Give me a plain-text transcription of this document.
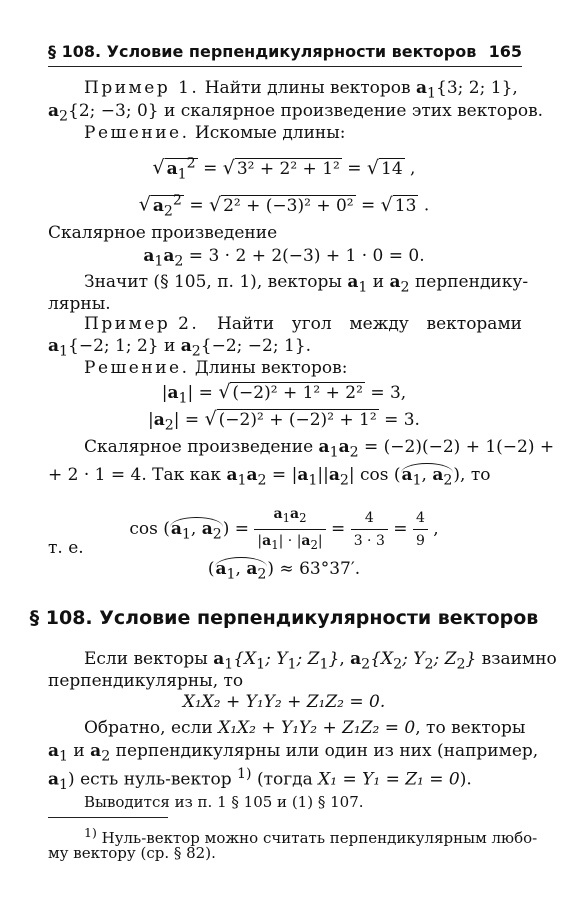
§ 108. Условие перпендикулярности векторов 165
Пример 1. Найти длины векторов $a_1\{3$; 2; 1},
$a_2\{2$; −3; 0} и скалярное произведение этих векторов.
Решение. Искомые длины:
√ $a_1^2$ = √ 3² + 2² + 1² = √ 14 ,
√ $a_2^2$ = √ 2² + (−3)² + 0² = √ 13 .
Скалярное произведение
$a_1a_2 = 3 \cdot 2 + 2(-3) + 1 \cdot 0 = 0$.
Значит (§ 105, п. 1), векторы $a_1$ и $a_2$ перпендику-
лярны.
Пример 2. Найти угол между векторами
$a_1\{-2$; 1; 2} и $a_2\{-2$; −2; 1}.
Решение. Длины векторов:
$|a_1|$ = √ (−2)² + 1² + 2² = 3,
$|a_2|$ = √ (−2)² + (−2)² + 1² = 3.
Скалярное произведение $a_1a_2 = (-2)(-2) + 1(-2)$ +
+ 2 · 1 = 4. Так как $a_1a_2 = |a_1||a_2|$ $\cos (a_1$, $a_2$), то
$\cos (a_1$, $a_2) = \frac{a_1a_2}{|a_1| \cdot |a_2|} = \frac{4}{3 \cdot 3} = \frac{4}{9}$ ,
т. е.
($a_1$, $a_2) \approx 63^\circ 37'$.
§ 108. Условие перпендикулярности векторов
Если векторы $a_1\{X_1$; $Y_1$; $Z_1$}, $a_2\{X_2$; $Y_2$; $Z_2$} взаимно
перпендикулярны, то
X₁X₂ + Y₁Y₂ + Z₁Z₂ = 0.
Обратно, если X₁X₂ + Y₁Y₂ + Z₁Z₂ = 0, то векторы
$a_1$ и $a_2$ перпендикулярны или один из них (например,
$a_1$) есть нуль-вектор $^{1)}$ (тогда X₁ = Y₁ = Z₁ = 0).
Выводится из п. 1 § 105 и (1) § 107.
$^{1)}$ Нуль-вектор можно считать перпендикулярным любо-
му вектору (ср. § 82).
